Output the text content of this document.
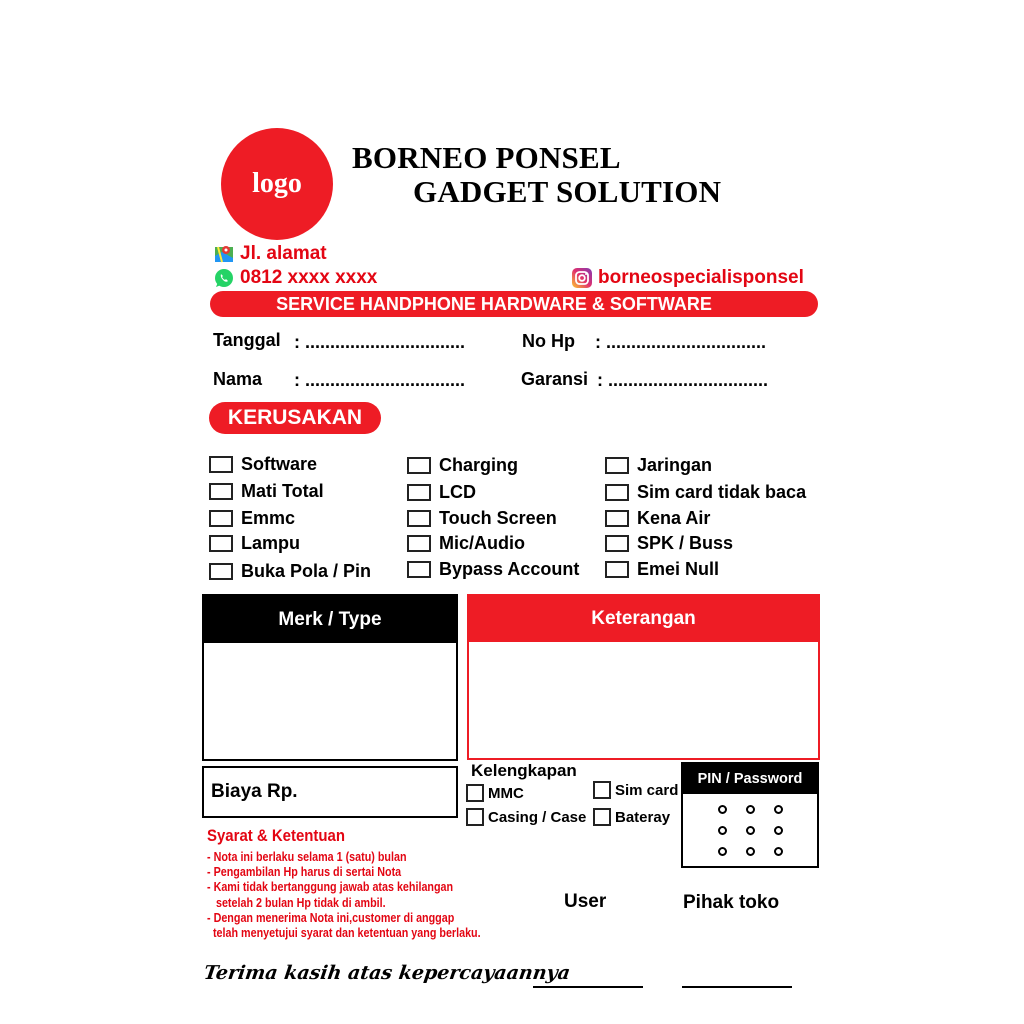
logo
BORNEO PONSEL
GADGET SOLUTION
Jl. alamat
0812 xxxx xxxx	borneospecialisponsel
SERVICE HANDPHONE HARDWARE & SOFTWARE
Tanggal : ................................	No Hp : ................................
Nama : ................................	Garansi : ................................
KERUSAKAN
Software
Mati Total
Emmc
Lampu
Buka Pola / Pin
Charging
LCD
Touch Screen
Mic/Audio
Bypass Account
Jaringan
Sim card tidak baca
Kena Air
SPK / Buss
Emei Null
Merk / Type	Keterangan
Biaya Rp.
Kelengkapan
MMC
Casing / Case
Sim card
Bateray
PIN / Password
Syarat & Ketentuan
- Nota ini berlaku selama 1 (satu) bulan
- Pengambilan Hp harus di sertai Nota
- Kami tidak bertanggung jawab atas kehilangan
setelah 2 bulan Hp tidak di ambil.
- Dengan menerima Nota ini,customer di anggap
telah menyetujui syarat dan ketentuan yang berlaku.
User	Pihak toko
Terima kasih atas kepercayaannya
